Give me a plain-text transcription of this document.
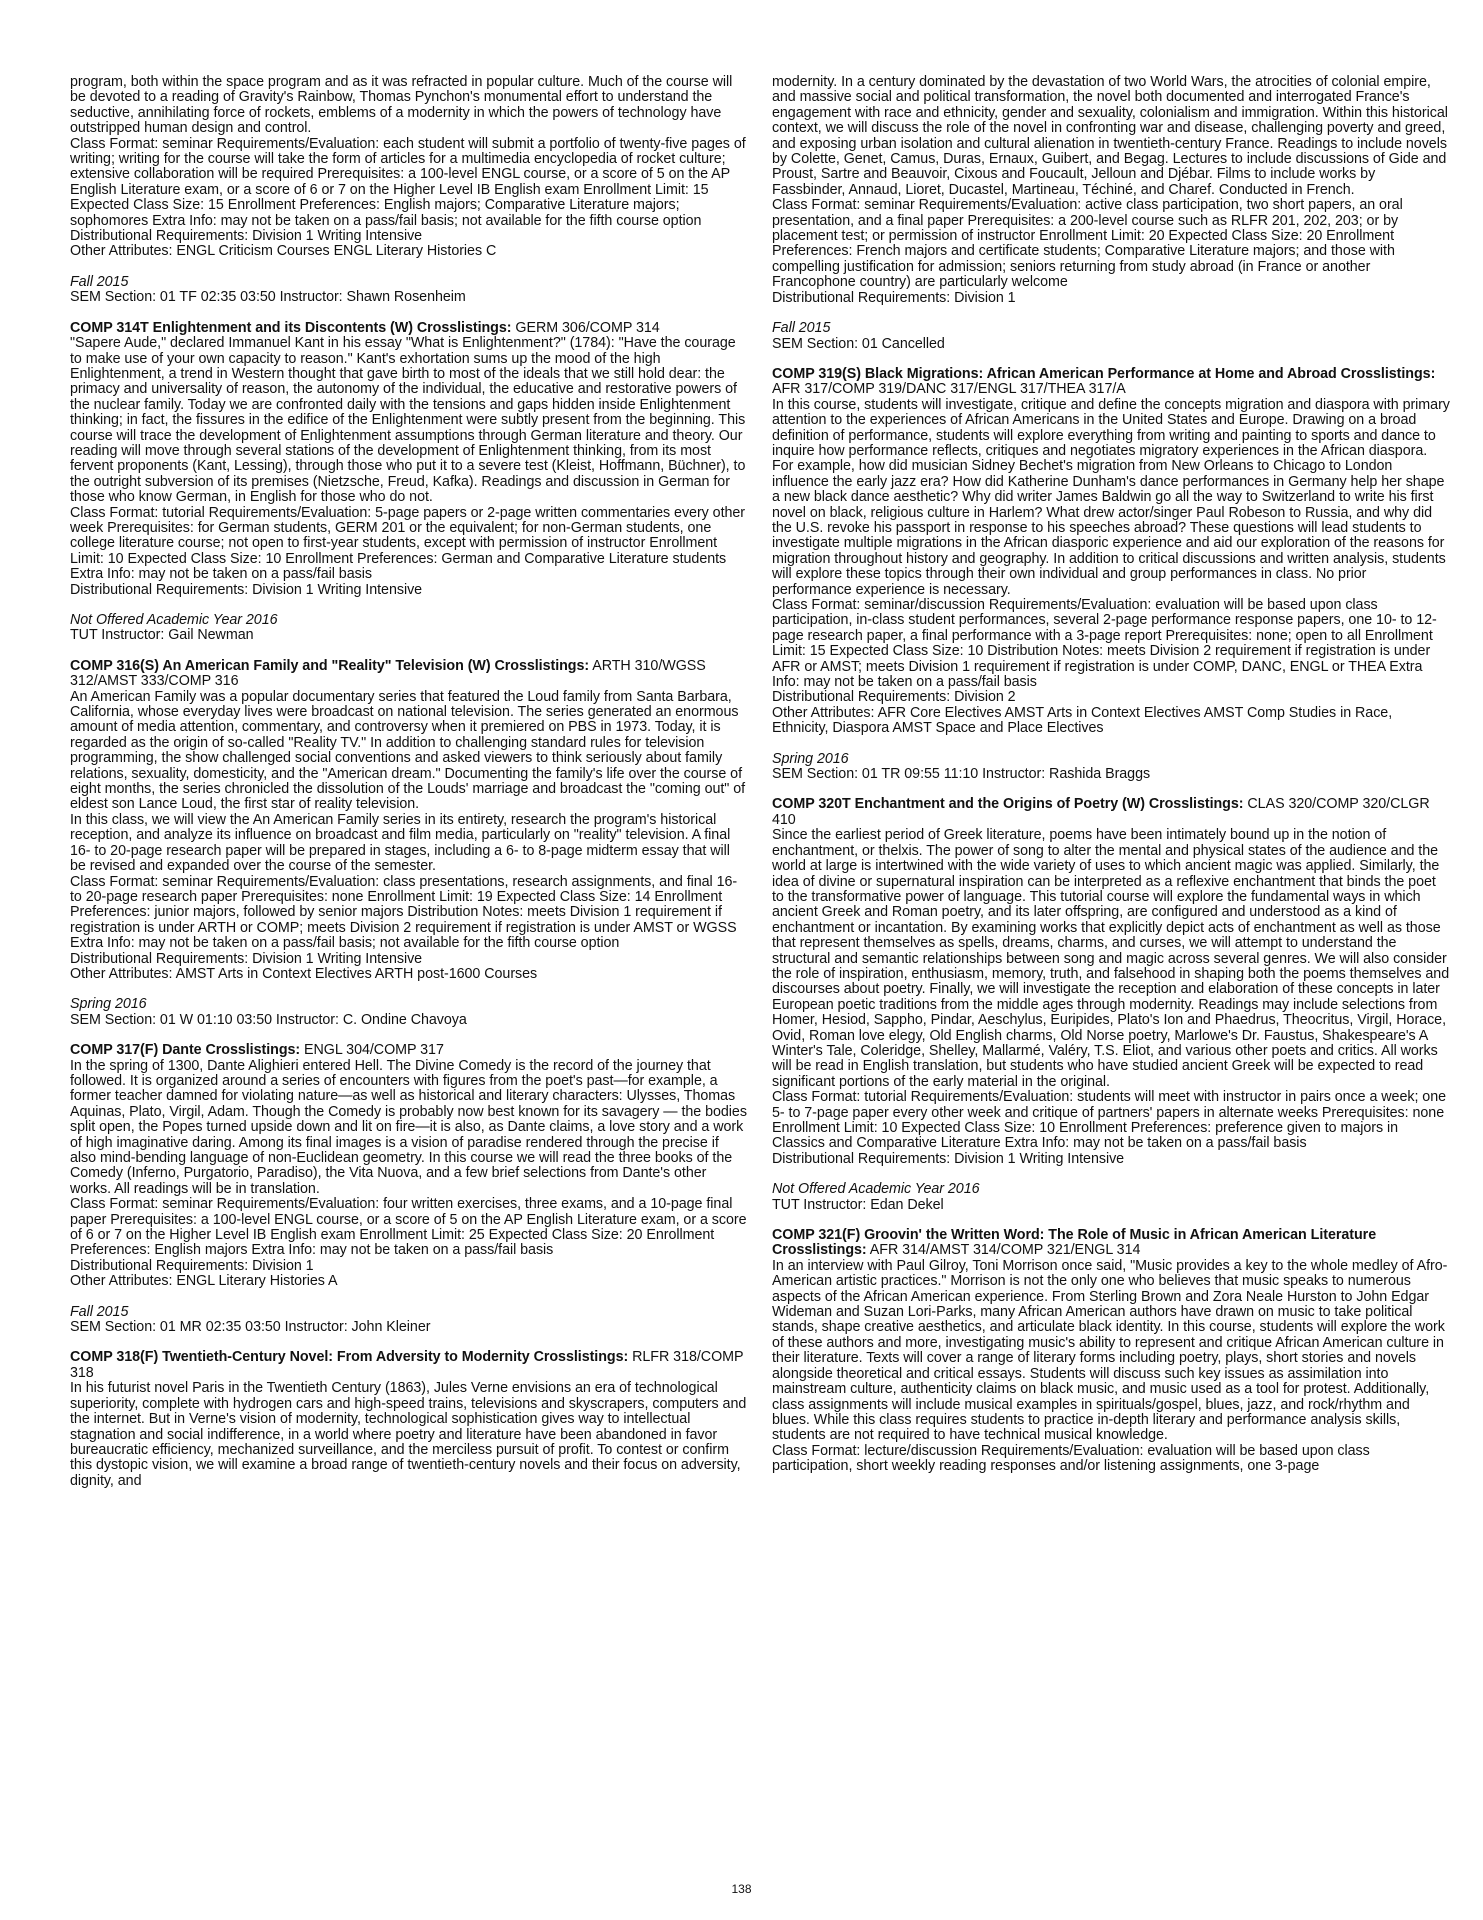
program, both within the space program and as it was refracted in popular culture. Much of the course will be devoted to a reading of Gravity's Rainbow, Thomas Pynchon's monumental effort to understand the seductive, annihilating force of rockets, emblems of a modernity in which the powers of technology have outstripped human design and control.

Class Format: seminar Requirements/Evaluation: each student will submit a portfolio of twenty-five pages of writing; writing for the course will take the form of articles for a multimedia encyclopedia of rocket culture; extensive collaboration will be required Prerequisites: a 100-level ENGL course, or a score of 5 on the AP English Literature exam, or a score of 6 or 7 on the Higher Level IB English exam Enrollment Limit: 15 Expected Class Size: 15 Enrollment Preferences: English majors; Comparative Literature majors; sophomores Extra Info: may not be taken on a pass/fail basis; not available for the fifth course option

Distributional Requirements: Division 1 Writing Intensive

Other Attributes: ENGL Criticism Courses ENGL Literary Histories C

Fall 2015

SEM Section: 01 TF 02:35 03:50 Instructor: Shawn Rosenheim

COMP 314T Enlightenment and its Discontents (W) Crosslistings: GERM 306/COMP 314

"Sapere Aude," declared Immanuel Kant in his essay "What is Enlightenment?" (1784): "Have the courage to make use of your own capacity to reason." Kant's exhortation sums up the mood of the high Enlightenment, a trend in Western thought that gave birth to most of the ideals that we still hold dear: the primacy and universality of reason, the autonomy of the individual, the educative and restorative powers of the nuclear family. Today we are confronted daily with the tensions and gaps hidden inside Enlightenment thinking; in fact, the fissures in the edifice of the Enlightenment were subtly present from the beginning. This course will trace the development of Enlightenment assumptions through German literature and theory. Our reading will move through several stations of the development of Enlightenment thinking, from its most fervent proponents (Kant, Lessing), through those who put it to a severe test (Kleist, Hoffmann, Büchner), to the outright subversion of its premises (Nietzsche, Freud, Kafka). Readings and discussion in German for those who know German, in English for those who do not.

Class Format: tutorial Requirements/Evaluation: 5-page papers or 2-page written commentaries every other week Prerequisites: for German students, GERM 201 or the equivalent; for non-German students, one college literature course; not open to first-year students, except with permission of instructor Enrollment Limit: 10 Expected Class Size: 10 Enrollment Preferences: German and Comparative Literature students Extra Info: may not be taken on a pass/fail basis

Distributional Requirements: Division 1 Writing Intensive

Not Offered Academic Year 2016

TUT Instructor: Gail Newman

COMP 316(S) An American Family and "Reality" Television (W) Crosslistings: ARTH 310/WGSS 312/AMST 333/COMP 316

An American Family was a popular documentary series that featured the Loud family from Santa Barbara, California, whose everyday lives were broadcast on national television. The series generated an enormous amount of media attention, commentary, and controversy when it premiered on PBS in 1973. Today, it is regarded as the origin of so-called "Reality TV." In addition to challenging standard rules for television programming, the show challenged social conventions and asked viewers to think seriously about family relations, sexuality, domesticity, and the "American dream." Documenting the family's life over the course of eight months, the series chronicled the dissolution of the Louds' marriage and broadcast the "coming out" of eldest son Lance Loud, the first star of reality television.

In this class, we will view the An American Family series in its entirety, research the program's historical reception, and analyze its influence on broadcast and film media, particularly on "reality" television. A final 16- to 20-page research paper will be prepared in stages, including a 6- to 8-page midterm essay that will be revised and expanded over the course of the semester.

Class Format: seminar Requirements/Evaluation: class presentations, research assignments, and final 16- to 20-page research paper Prerequisites: none Enrollment Limit: 19 Expected Class Size: 14 Enrollment Preferences: junior majors, followed by senior majors Distribution Notes: meets Division 1 requirement if registration is under ARTH or COMP; meets Division 2 requirement if registration is under AMST or WGSS Extra Info: may not be taken on a pass/fail basis; not available for the fifth course option

Distributional Requirements: Division 1 Writing Intensive

Other Attributes: AMST Arts in Context Electives ARTH post-1600 Courses

Spring 2016

SEM Section: 01 W 01:10 03:50 Instructor: C. Ondine Chavoya

COMP 317(F) Dante Crosslistings: ENGL 304/COMP 317

In the spring of 1300, Dante Alighieri entered Hell. The Divine Comedy is the record of the journey that followed. It is organized around a series of encounters with figures from the poet's past—for example, a former teacher damned for violating nature—as well as historical and literary characters: Ulysses, Thomas Aquinas, Plato, Virgil, Adam. Though the Comedy is probably now best known for its savagery — the bodies split open, the Popes turned upside down and lit on fire—it is also, as Dante claims, a love story and a work of high imaginative daring. Among its final images is a vision of paradise rendered through the precise if also mind-bending language of non-Euclidean geometry. In this course we will read the three books of the Comedy (Inferno, Purgatorio, Paradiso), the Vita Nuova, and a few brief selections from Dante's other works. All readings will be in translation.

Class Format: seminar Requirements/Evaluation: four written exercises, three exams, and a 10-page final paper Prerequisites: a 100-level ENGL course, or a score of 5 on the AP English Literature exam, or a score of 6 or 7 on the Higher Level IB English exam Enrollment Limit: 25 Expected Class Size: 20 Enrollment Preferences: English majors Extra Info: may not be taken on a pass/fail basis

Distributional Requirements: Division 1

Other Attributes: ENGL Literary Histories A

Fall 2015

SEM Section: 01 MR 02:35 03:50 Instructor: John Kleiner

COMP 318(F) Twentieth-Century Novel: From Adversity to Modernity Crosslistings: RLFR 318/COMP 318

In his futurist novel Paris in the Twentieth Century (1863), Jules Verne envisions an era of technological superiority, complete with hydrogen cars and high-speed trains, televisions and skyscrapers, computers and the internet. But in Verne's vision of modernity, technological sophistication gives way to intellectual stagnation and social indifference, in a world where poetry and literature have been abandoned in favor bureaucratic efficiency, mechanized surveillance, and the merciless pursuit of profit. To contest or confirm this dystopic vision, we will examine a broad range of twentieth-century novels and their focus on adversity, dignity, and

modernity. In a century dominated by the devastation of two World Wars, the atrocities of colonial empire, and massive social and political transformation, the novel both documented and interrogated France's engagement with race and ethnicity, gender and sexuality, colonialism and immigration. Within this historical context, we will discuss the role of the novel in confronting war and disease, challenging poverty and greed, and exposing urban isolation and cultural alienation in twentieth-century France. Readings to include novels by Colette, Genet, Camus, Duras, Ernaux, Guibert, and Begag. Lectures to include discussions of Gide and Proust, Sartre and Beauvoir, Cixous and Foucault, Jelloun and Djébar. Films to include works by Fassbinder, Annaud, Lioret, Ducastel, Martineau, Téchiné, and Charef. Conducted in French.

Class Format: seminar Requirements/Evaluation: active class participation, two short papers, an oral presentation, and a final paper Prerequisites: a 200-level course such as RLFR 201, 202, 203; or by placement test; or permission of instructor Enrollment Limit: 20 Expected Class Size: 20 Enrollment Preferences: French majors and certificate students; Comparative Literature majors; and those with compelling justification for admission; seniors returning from study abroad (in France or another Francophone country) are particularly welcome

Distributional Requirements: Division 1

Fall 2015

SEM Section: 01 Cancelled

COMP 319(S) Black Migrations: African American Performance at Home and Abroad Crosslistings: AFR 317/COMP 319/DANC 317/ENGL 317/THEA 317/A

In this course, students will investigate, critique and define the concepts migration and diaspora with primary attention to the experiences of African Americans in the United States and Europe. Drawing on a broad definition of performance, students will explore everything from writing and painting to sports and dance to inquire how performance reflects, critiques and negotiates migratory experiences in the African diaspora. For example, how did musician Sidney Bechet's migration from New Orleans to Chicago to London influence the early jazz era? How did Katherine Dunham's dance performances in Germany help her shape a new black dance aesthetic? Why did writer James Baldwin go all the way to Switzerland to write his first novel on black, religious culture in Harlem? What drew actor/singer Paul Robeson to Russia, and why did the U.S. revoke his passport in response to his speeches abroad? These questions will lead students to investigate multiple migrations in the African diasporic experience and aid our exploration of the reasons for migration throughout history and geography. In addition to critical discussions and written analysis, students will explore these topics through their own individual and group performances in class. No prior performance experience is necessary.

Class Format: seminar/discussion Requirements/Evaluation: evaluation will be based upon class participation, in-class student performances, several 2-page performance response papers, one 10- to 12-page research paper, a final performance with a 3-page report Prerequisites: none; open to all Enrollment Limit: 15 Expected Class Size: 10 Distribution Notes: meets Division 2 requirement if registration is under AFR or AMST; meets Division 1 requirement if registration is under COMP, DANC, ENGL or THEA Extra Info: may not be taken on a pass/fail basis

Distributional Requirements: Division 2

Other Attributes: AFR Core Electives AMST Arts in Context Electives AMST Comp Studies in Race, Ethnicity, Diaspora AMST Space and Place Electives

Spring 2016

SEM Section: 01 TR 09:55 11:10 Instructor: Rashida Braggs

COMP 320T Enchantment and the Origins of Poetry (W) Crosslistings: CLAS 320/COMP 320/CLGR 410

Since the earliest period of Greek literature, poems have been intimately bound up in the notion of enchantment, or thelxis. The power of song to alter the mental and physical states of the audience and the world at large is intertwined with the wide variety of uses to which ancient magic was applied. Similarly, the idea of divine or supernatural inspiration can be interpreted as a reflexive enchantment that binds the poet to the transformative power of language. This tutorial course will explore the fundamental ways in which ancient Greek and Roman poetry, and its later offspring, are configured and understood as a kind of enchantment or incantation. By examining works that explicitly depict acts of enchantment as well as those that represent themselves as spells, dreams, charms, and curses, we will attempt to understand the structural and semantic relationships between song and magic across several genres. We will also consider the role of inspiration, enthusiasm, memory, truth, and falsehood in shaping both the poems themselves and discourses about poetry. Finally, we will investigate the reception and elaboration of these concepts in later European poetic traditions from the middle ages through modernity. Readings may include selections from Homer, Hesiod, Sappho, Pindar, Aeschylus, Euripides, Plato's Ion and Phaedrus, Theocritus, Virgil, Horace, Ovid, Roman love elegy, Old English charms, Old Norse poetry, Marlowe's Dr. Faustus, Shakespeare's A Winter's Tale, Coleridge, Shelley, Mallarmé, Valéry, T.S. Eliot, and various other poets and critics. All works will be read in English translation, but students who have studied ancient Greek will be expected to read significant portions of the early material in the original.

Class Format: tutorial Requirements/Evaluation: students will meet with instructor in pairs once a week; one 5- to 7-page paper every other week and critique of partners' papers in alternate weeks Prerequisites: none Enrollment Limit: 10 Expected Class Size: 10 Enrollment Preferences: preference given to majors in Classics and Comparative Literature Extra Info: may not be taken on a pass/fail basis

Distributional Requirements: Division 1 Writing Intensive

Not Offered Academic Year 2016

TUT Instructor: Edan Dekel

COMP 321(F) Groovin' the Written Word: The Role of Music in African American Literature Crosslistings: AFR 314/AMST 314/COMP 321/ENGL 314

In an interview with Paul Gilroy, Toni Morrison once said, "Music provides a key to the whole medley of Afro-American artistic practices." Morrison is not the only one who believes that music speaks to numerous aspects of the African American experience. From Sterling Brown and Zora Neale Hurston to John Edgar Wideman and Suzan Lori-Parks, many African American authors have drawn on music to take political stands, shape creative aesthetics, and articulate black identity. In this course, students will explore the work of these authors and more, investigating music's ability to represent and critique African American culture in their literature. Texts will cover a range of literary forms including poetry, plays, short stories and novels alongside theoretical and critical essays. Students will discuss such key issues as assimilation into mainstream culture, authenticity claims on black music, and music used as a tool for protest. Additionally, class assignments will include musical examples in spirituals/gospel, blues, jazz, and rock/rhythm and blues. While this class requires students to practice in-depth literary and performance analysis skills, students are not required to have technical musical knowledge.

Class Format: lecture/discussion Requirements/Evaluation: evaluation will be based upon class participation, short weekly reading responses and/or listening assignments, one 3-page

138
